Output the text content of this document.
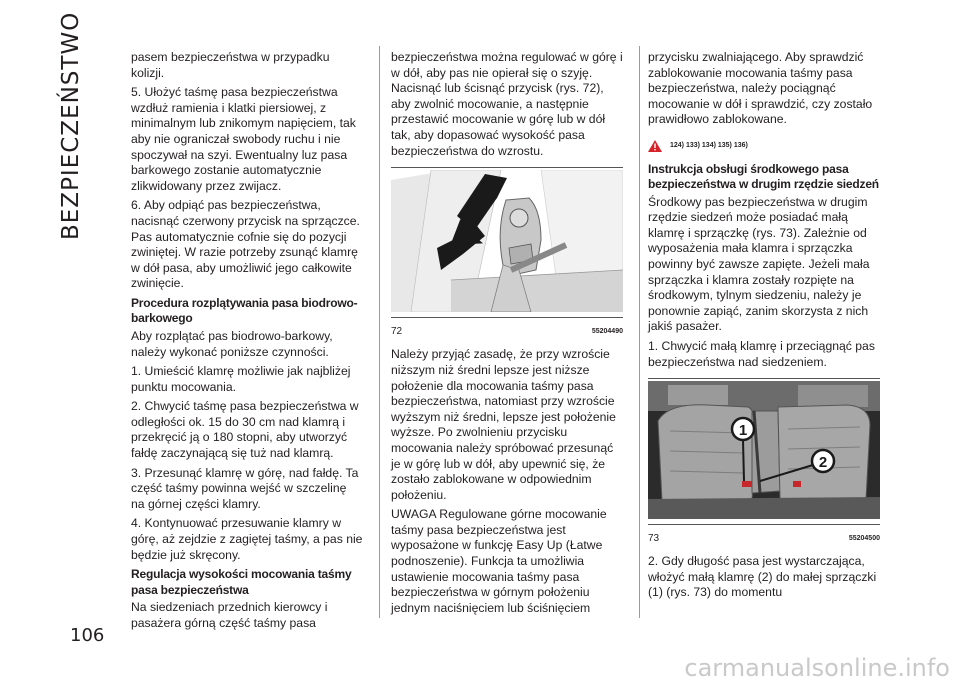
BEZPIECZEŃSTWO
106

pasem bezpieczeństwa w przypadku kolizji.

5. Ułożyć taśmę pasa bezpieczeństwa wzdłuż ramienia i klatki piersiowej, z minimalnym lub znikomym napięciem, tak aby nie ograniczał swobody ruchu i nie spoczywał na szyi. Ewentualny luz pasa barkowego zostanie automatycznie zlikwidowany przez zwijacz.

6. Aby odpiąć pas bezpieczeństwa, nacisnąć czerwony przycisk na sprzączce. Pas automatycznie cofnie się do pozycji zwiniętej. W razie potrzeby zsunąć klamrę w dół pasa, aby umożliwić jego całkowite zwinięcie.

Procedura rozplątywania pasa biodrowo-barkowego

Aby rozplątać pas biodrowo-barkowy, należy wykonać poniższe czynności.

1. Umieścić klamrę możliwie jak najbliżej punktu mocowania.

2. Chwycić taśmę pasa bezpieczeństwa w odległości ok. 15 do 30 cm nad klamrą i przekręcić ją o 180 stopni, aby utworzyć fałdę zaczynającą się tuż nad klamrą.

3. Przesunąć klamrę w górę, nad fałdę. Ta część taśmy powinna wejść w szczelinę na górnej części klamry.

4. Kontynuować przesuwanie klamry w górę, aż zejdzie z zagiętej taśmy, a pas nie będzie już skręcony.

Regulacja wysokości mocowania taśmy pasa bezpieczeństwa

Na siedzeniach przednich kierowcy i pasażera górną część taśmy pasa

bezpieczeństwa można regulować w górę i w dół, aby pas nie opierał się o szyję. Nacisnąć lub ścisnąć przycisk (rys. 72), aby zwolnić mocowanie, a następnie przestawić mocowanie w górę lub w dół tak, aby dopasować wysokość pasa bezpieczeństwa do wzrostu.

72	55204490

Należy przyjąć zasadę, że przy wzroście niższym niż średni lepsze jest niższe położenie dla mocowania taśmy pasa bezpieczeństwa, natomiast przy wzroście wyższym niż średni, lepsze jest położenie wyższe. Po zwolnieniu przycisku mocowania należy spróbować przesunąć je w górę lub w dół, aby upewnić się, że zostało zablokowane w odpowiednim położeniu.

UWAGA Regulowane górne mocowanie taśmy pasa bezpieczeństwa jest wyposażone w funkcję Easy Up (Łatwe podnoszenie). Funkcja ta umożliwia ustawienie mocowania taśmy pasa bezpieczeństwa w górnym położeniu jednym naciśnięciem lub ściśnięciem

przycisku zwalniającego. Aby sprawdzić zablokowanie mocowania taśmy pasa bezpieczeństwa, należy pociągnąć mocowanie w dół i sprawdzić, czy zostało prawidłowo zablokowane.

124) 133) 134) 135) 136)
Instrukcja obsługi środkowego pasa bezpieczeństwa w drugim rzędzie siedzeń

Środkowy pas bezpieczeństwa w drugim rzędzie siedzeń może posiadać małą klamrę i sprzączkę (rys. 73). Zależnie od wyposażenia mała klamra i sprzączka powinny być zawsze zapięte. Jeżeli mała sprzączka i klamra zostały rozpięte na środkowym, tylnym siedzeniu, należy je ponownie zapiąć, zanim skorzysta z nich jakiś pasażer.

1. Chwycić małą klamrę i przeciągnąć pas bezpieczeństwa nad siedzeniem.

1
2
73	55204500

2. Gdy długość pasa jest wystarczająca, włożyć małą klamrę (2) do małej sprzączki (1) (rys. 73) do momentu

carmanualsonline.info
